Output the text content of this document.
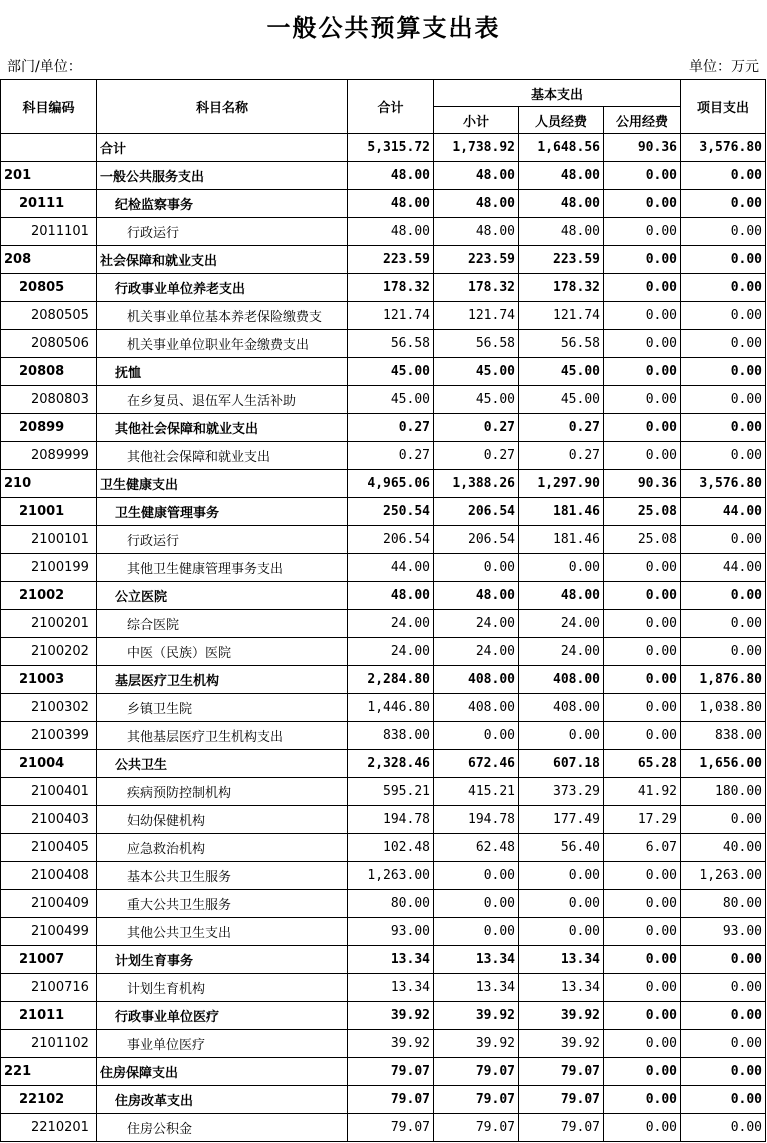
一般公共预算支出表
部门/单位：	单位：万元
科目编码	科目名称	合计	基本支出			项目支出
			小计	人员经费	公用经费	
	合计	5,315.72	1,738.92	1,648.56	90.36	3,576.80
201	一般公共服务支出	48.00	48.00	48.00	0.00	0.00
20111	纪检监察事务	48.00	48.00	48.00	0.00	0.00
2011101	行政运行	48.00	48.00	48.00	0.00	0.00
208	社会保障和就业支出	223.59	223.59	223.59	0.00	0.00
20805	行政事业单位养老支出	178.32	178.32	178.32	0.00	0.00
2080505	机关事业单位基本养老保险缴费支	121.74	121.74	121.74	0.00	0.00
2080506	机关事业单位职业年金缴费支出	56.58	56.58	56.58	0.00	0.00
20808	抚恤	45.00	45.00	45.00	0.00	0.00
2080803	在乡复员、退伍军人生活补助	45.00	45.00	45.00	0.00	0.00
20899	其他社会保障和就业支出	0.27	0.27	0.27	0.00	0.00
2089999	其他社会保障和就业支出	0.27	0.27	0.27	0.00	0.00
210	卫生健康支出	4,965.06	1,388.26	1,297.90	90.36	3,576.80
21001	卫生健康管理事务	250.54	206.54	181.46	25.08	44.00
2100101	行政运行	206.54	206.54	181.46	25.08	0.00
2100199	其他卫生健康管理事务支出	44.00	0.00	0.00	0.00	44.00
21002	公立医院	48.00	48.00	48.00	0.00	0.00
2100201	综合医院	24.00	24.00	24.00	0.00	0.00
2100202	中医（民族）医院	24.00	24.00	24.00	0.00	0.00
21003	基层医疗卫生机构	2,284.80	408.00	408.00	0.00	1,876.80
2100302	乡镇卫生院	1,446.80	408.00	408.00	0.00	1,038.80
2100399	其他基层医疗卫生机构支出	838.00	0.00	0.00	0.00	838.00
21004	公共卫生	2,328.46	672.46	607.18	65.28	1,656.00
2100401	疾病预防控制机构	595.21	415.21	373.29	41.92	180.00
2100403	妇幼保健机构	194.78	194.78	177.49	17.29	0.00
2100405	应急救治机构	102.48	62.48	56.40	6.07	40.00
2100408	基本公共卫生服务	1,263.00	0.00	0.00	0.00	1,263.00
2100409	重大公共卫生服务	80.00	0.00	0.00	0.00	80.00
2100499	其他公共卫生支出	93.00	0.00	0.00	0.00	93.00
21007	计划生育事务	13.34	13.34	13.34	0.00	0.00
2100716	计划生育机构	13.34	13.34	13.34	0.00	0.00
21011	行政事业单位医疗	39.92	39.92	39.92	0.00	0.00
2101102	事业单位医疗	39.92	39.92	39.92	0.00	0.00
221	住房保障支出	79.07	79.07	79.07	0.00	0.00
22102	住房改革支出	79.07	79.07	79.07	0.00	0.00
2210201	住房公积金	79.07	79.07	79.07	0.00	0.00
